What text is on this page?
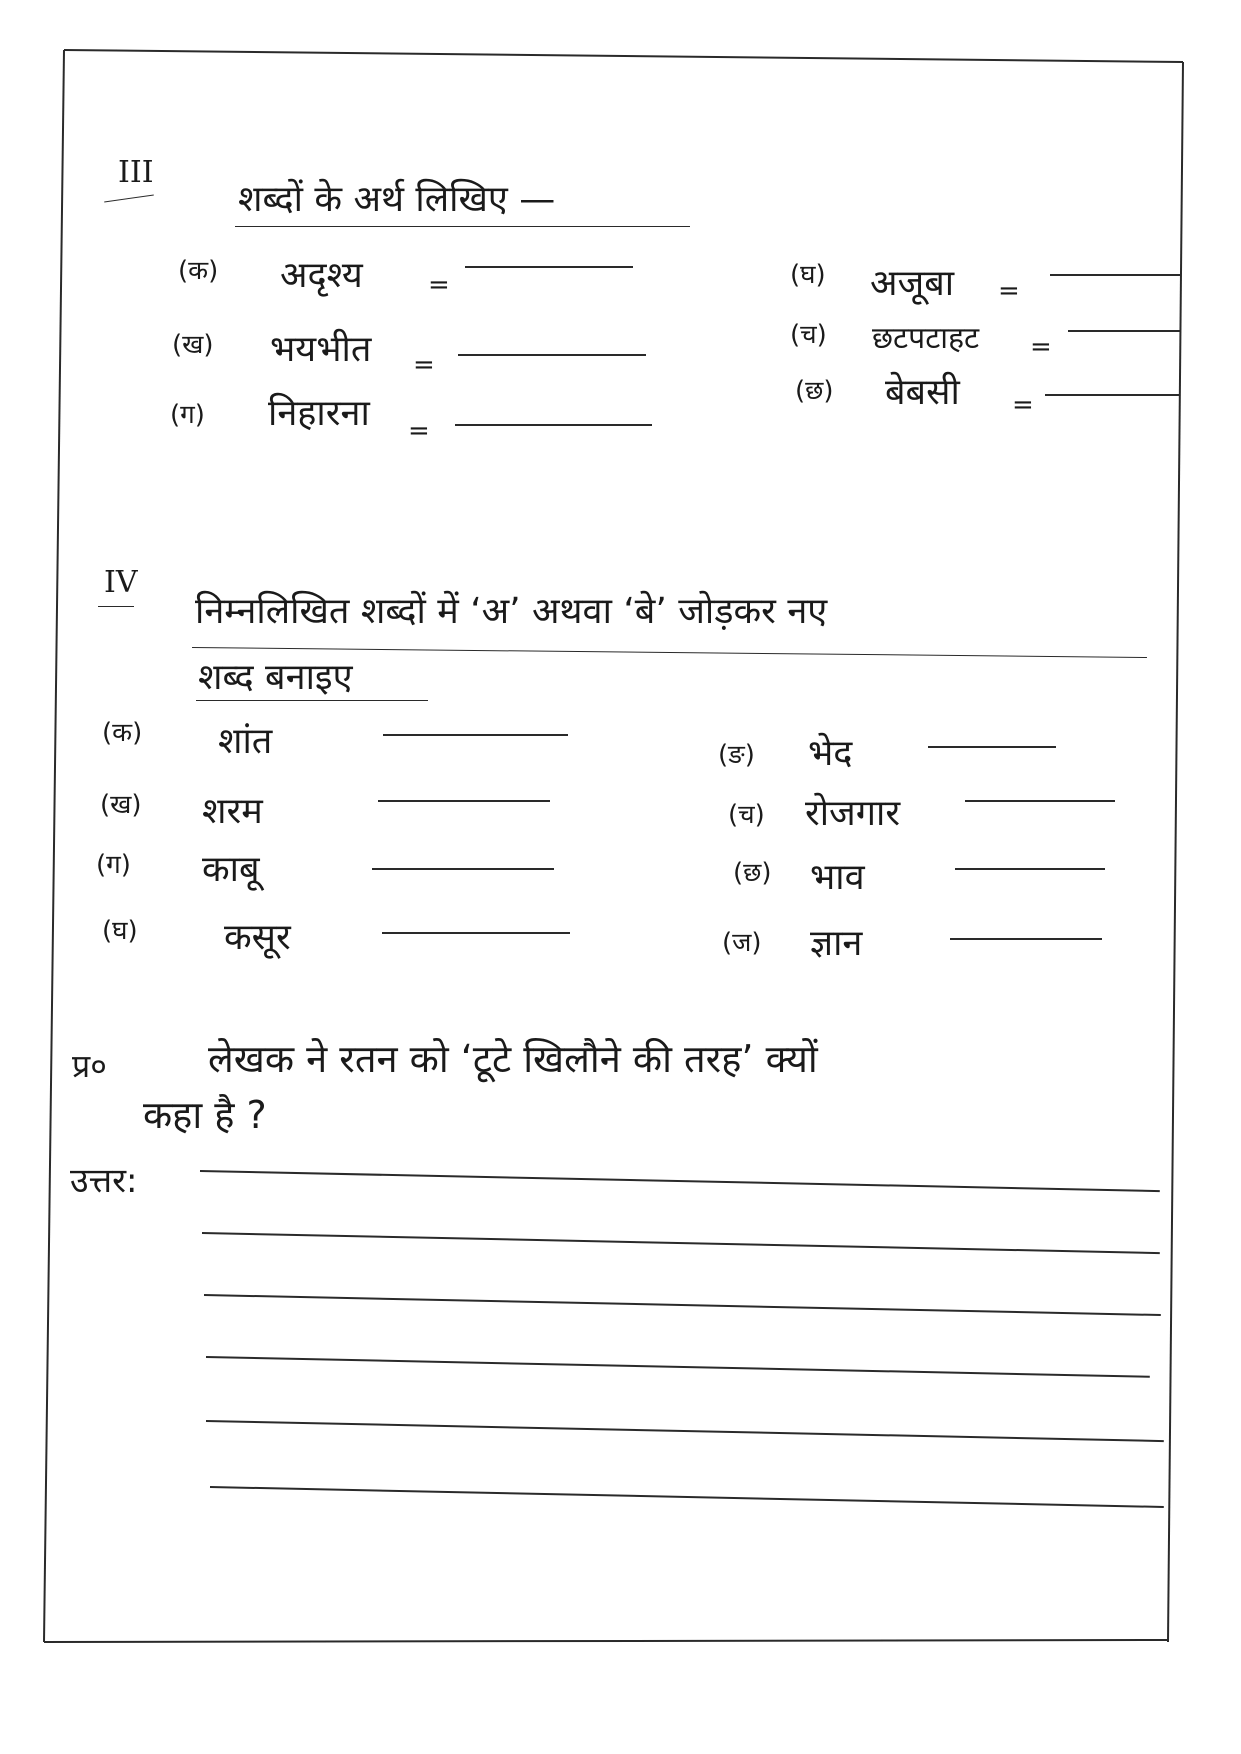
III
शब्दों के अर्थ लिखिए —
(क) अदृश्य	=
(ख) भयभीत =
(ग) निहारना =
(घ) अजूबा =
(च) छटपटाहट =
(छ) बेबसी =
IV
निम्नलिखित शब्दों में ‘अ’ अथवा ‘बे’ जोड़कर नए
शब्द बनाइए
(क) शांत
(ख) शरम
(ग) काबू
(घ) कसूर
(ङ) भेद
(च) रोजगार
(छ) भाव
(ज) ज्ञान
प्र०	लेखक ने रतन को ‘टूटे खिलौने की तरह’ क्यों
कहा है ?
उत्तर:
